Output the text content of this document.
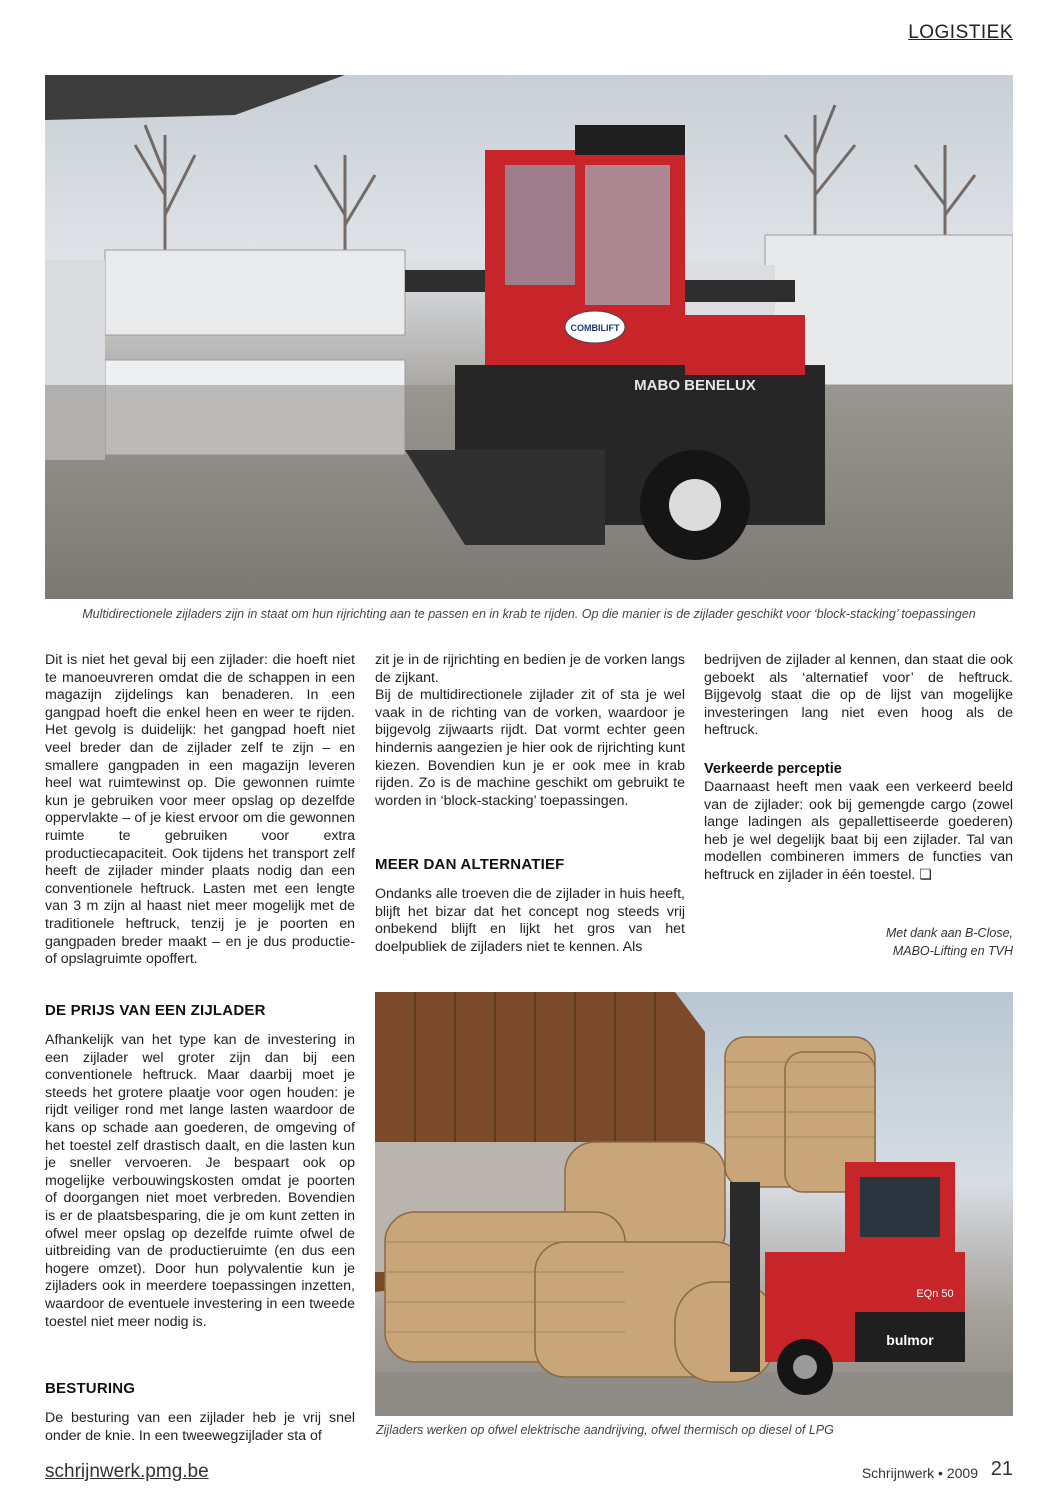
LOGISTIEK
COMBILIFT
MABO BENELUX
Multidirectionele zijladers zijn in staat om hun rijrichting aan te passen en in krab te rijden. Op die manier is de zijlader geschikt voor ‘block-stacking’ toepassingen

Dit is niet het geval bij een zijlader: die hoeft niet te manoeuvreren omdat die de schappen in een magazijn zijdelings kan benaderen. In een gangpad hoeft die enkel heen en weer te rijden. Het gevolg is duidelijk: het gangpad hoeft niet veel breder dan de zijlader zelf te zijn – en smallere gangpaden in een magazijn leveren heel wat ruimtewinst op. Die gewonnen ruimte kun je gebruiken voor meer opslag op dezelfde oppervlakte – of je kiest ervoor om die gewonnen ruimte te gebruiken voor extra productiecapaciteit. Ook tijdens het transport zelf heeft de zijlader minder plaats nodig dan een conventionele heftruck. Lasten met een lengte van 3 m zijn al haast niet meer mogelijk met de traditionele heftruck, tenzij je je poorten en gangpaden breder maakt – en je dus productie- of opslagruimte opoffert.

DE PRIJS VAN EEN ZIJLADER

Afhankelijk van het type kan de investering in een zijlader wel groter zijn dan bij een conventionele heftruck. Maar daarbij moet je steeds het grotere plaatje voor ogen houden: je rijdt veiliger rond met lange lasten waardoor de kans op schade aan goederen, de omgeving of het toestel zelf drastisch daalt, en die lasten kun je sneller vervoeren. Je bespaart ook op mogelijke verbouwingskosten omdat je poorten of doorgangen niet moet verbreden. Bovendien is er de plaatsbesparing, die je om kunt zetten in ofwel meer opslag op dezelfde ruimte ofwel de uitbreiding van de productieruimte (en dus een hogere omzet). Door hun polyvalentie kun je zijladers ook in meerdere toepassingen inzetten, waardoor de eventuele investering in een tweede toestel niet meer nodig is.

BESTURING

De besturing van een zijlader heb je vrij snel onder de knie. In een tweewegzijlader sta of

zit je in de rijrichting en bedien je de vorken langs de zijkant.

Bij de multidirectionele zijlader zit of sta je wel vaak in de richting van de vorken, waardoor je bijgevolg zijwaarts rijdt. Dat vormt echter geen hindernis aangezien je hier ook de rijrichting kunt kiezen. Bovendien kun je er ook mee in krab rijden. Zo is de machine geschikt om gebruikt te worden in ‘block-stacking’ toepassingen.

MEER DAN ALTERNATIEF

Ondanks alle troeven die de zijlader in huis heeft, blijft het bizar dat het concept nog steeds vrij onbekend blijft en lijkt het gros van het doelpubliek de zijladers niet te kennen. Als

bedrijven de zijlader al kennen, dan staat die ook geboekt als ‘alternatief voor’ de heftruck. Bijgevolg staat die op de lijst van mogelijke investeringen lang niet even hoog als de heftruck.

Verkeerde perceptie

Daarnaast heeft men vaak een verkeerd beeld van de zijlader: ook bij gemengde cargo (zowel lange ladingen als gepallettiseerde goederen) heb je wel degelijk baat bij een zijlader. Tal van modellen combineren immers de functies van heftruck en zijlader in één toestel. ❏

Met dank aan B-Close,
MABO-Lifting en TVH
bulmor
EQn 50
Zijladers werken op ofwel elektrische aandrijving, ofwel thermisch op diesel of LPG
schrijnwerk.pmg.be	Schrijnwerk • 2009 21
